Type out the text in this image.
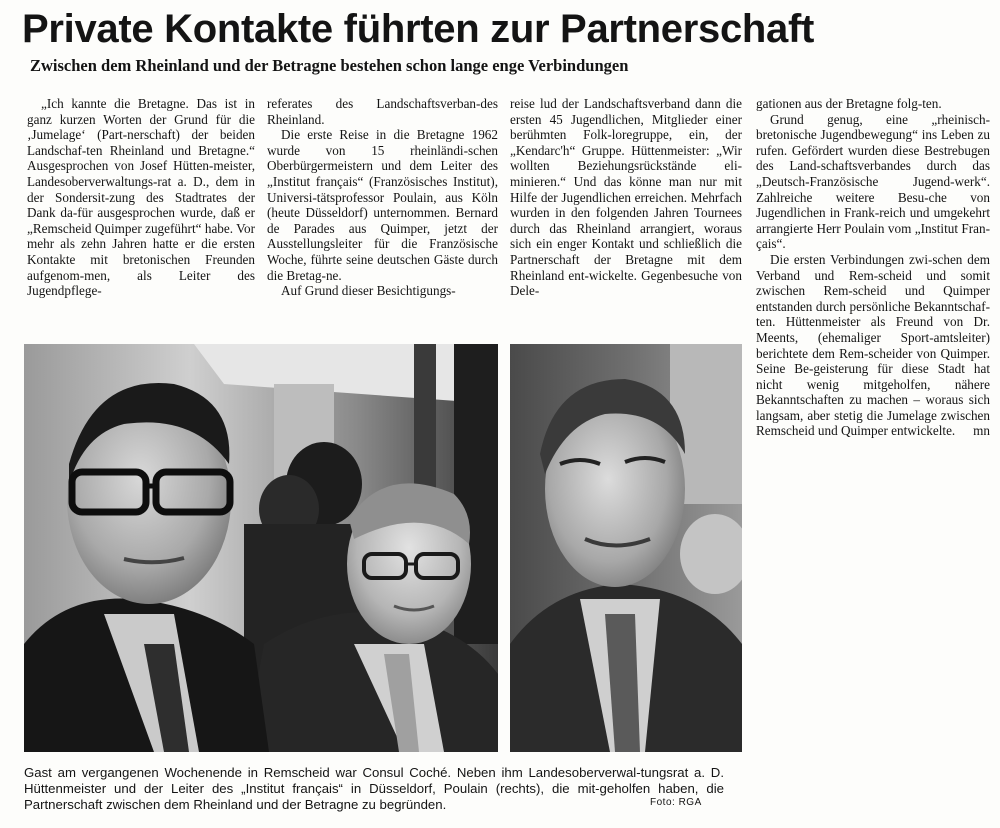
Private Kontakte führten zur Partnerschaft
Zwischen dem Rheinland und der Betragne bestehen schon lange enge Verbindungen

„Ich kannte die Bretagne. Das ist in ganz kurzen Worten der Grund für die ‚Jumelage‘ (Part-nerschaft) der beiden Landschaf-ten Rheinland und Bretagne.“ Ausgesprochen von Josef Hütten-meister, Landesoberverwaltungs-rat a. D., dem in der Sondersit-zung des Stadtrates der Dank da-für ausgesprochen wurde, daß er „Remscheid Quimper zugeführt“ habe. Vor mehr als zehn Jahren hatte er die ersten Kontakte mit bretonischen Freunden aufgenom-men, als Leiter des Jugendpflege-

referates des Landschaftsverban-des Rheinland.

Die erste Reise in die Bretagne 1962 wurde von 15 rheinländi-schen Oberbürgermeistern und dem Leiter des „Institut français“ (Französisches Institut), Universi-tätsprofessor Poulain, aus Köln (heute Düsseldorf) unternommen. Bernard de Parades aus Quimper, jetzt der Ausstellungsleiter für die Französische Woche, führte seine deutschen Gäste durch die Bretag-ne.

Auf Grund dieser Besichtigungs-

reise lud der Landschaftsverband dann die ersten 45 Jugendlichen, Mitglieder einer berühmten Folk-loregruppe, ein, der „Kendarc'h“ Gruppe. Hüttenmeister: „Wir wollten Beziehungsrückstände eli-minieren.“ Und das könne man nur mit Hilfe der Jugendlichen erreichen. Mehrfach wurden in den folgenden Jahren Tournees durch das Rheinland arrangiert, woraus sich ein enger Kontakt und schließlich die Partnerschaft der Bretagne mit dem Rheinland ent-wickelte. Gegenbesuche von Dele-

gationen aus der Bretagne folg-ten.

Grund genug, eine „rheinisch-bretonische Jugendbewegung“ ins Leben zu rufen. Gefördert wurden diese Bestrebugen des Land-schaftsverbandes durch das „Deutsch-Französische Jugend-werk“. Zahlreiche weitere Besu-che von Jugendlichen in Frank-reich und umgekehrt arrangierte Herr Poulain vom „Institut Fran-çais“.

Die ersten Verbindungen zwi-schen dem Verband und Rem-scheid und somit zwischen Rem-scheid und Quimper entstanden durch persönliche Bekanntschaf-ten. Hüttenmeister als Freund von Dr. Meents, (ehemaliger Sport-amtsleiter) berichtete dem Rem-scheider von Quimper. Seine Be-geisterung für diese Stadt hat nicht wenig mitgeholfen, nähere Bekanntschaften zu machen – woraus sich langsam, aber stetig die Jumelage zwischen Remscheid und Quimper entwickelte.	mn

Gast am vergangenen Wochenende in Remscheid war Consul Coché. Neben ihm Landesoberverwal-tungsrat a. D. Hüttenmeister und der Leiter des „Institut français“ in Düsseldorf, Poulain (rechts), die mit-geholfen haben, die Partnerschaft zwischen dem Rheinland und der Betragne zu begründen.	Foto: RGA
